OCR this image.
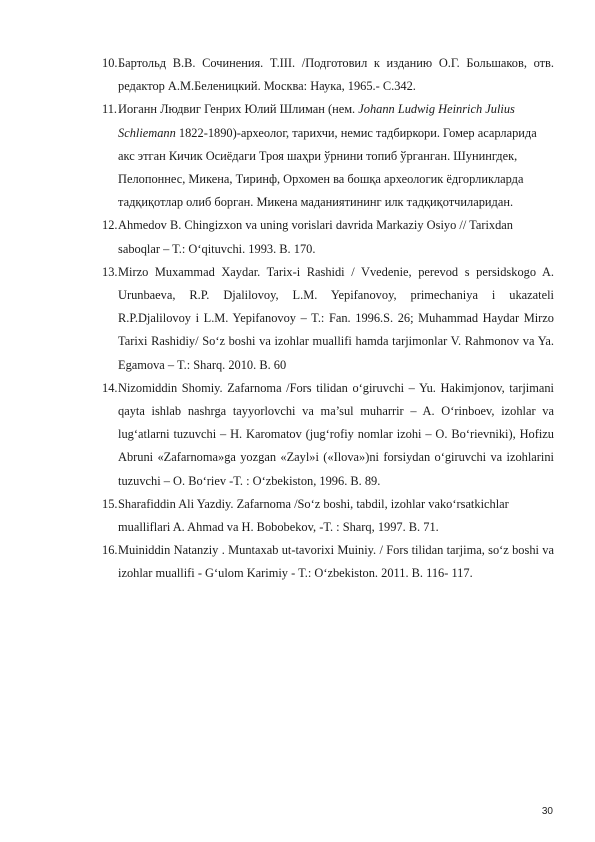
10. Бартольд В.В. Сочинения. T.III. /Подготовил к изданию О.Г. Большаков, отв. редактор А.М.Беленицкий. Москва: Наука, 1965.- С.342.
11. Иоганн Людвиг Генрих Юлий Шлиман (нем. Johann Ludwig Heinrich Julius Schliemann 1822-1890)-археолог, тарихчи, немис тадбиркори. Гомер асарларида акс этган Кичик Осиёдаги Троя шаҳри ўрнини топиб ўрганган. Шунингдек, Пелопоннес, Микена, Тиринф, Орхомен ва бошқа археологик ёдгорликларда тадқиқотлар олиб борган. Микена маданиятининг илк тадқиқотчиларидан.
12. Ahmedov B. Chingizxon va uning vorislari davrida Markaziy Osiyo // Tarixdan saboqlar – T.: O‘qituvchi. 1993. B. 170.
13. Mirzo Muxammad Xaydar. Tarix-i Rashidi / Vvedenie, perevod s persidskogo A. Urunbaeva, R.P. Djalilovoy, L.M. Yepifanovoy, primechaniya i ukazateli R.P.Djalilovoy i L.M. Yepifanovoy – T.: Fan. 1996.S. 26; Muhammad Haydar Mirzo Tarixi Rashidiy/ So‘z boshi va izohlar muallifi hamda tarjimonlar V. Rahmonov va Ya. Egamova – T.: Sharq. 2010. B. 60
14. Nizomiddin Shomiy. Zafarnoma /Fors tilidan o‘giruvchi – Yu. Hakimjonov, tarjimani qayta ishlab nashrga tayyorlovchi va ma’sul muharrir – A. O‘rinboev, izohlar va lug‘atlarni tuzuvchi – H. Karomatov (jug‘rofiy nomlar izohi – O. Bo‘rievniki), Hofizu Abruni «Zafarnoma»ga yozgan «Zayl»i («Ilova»)ni forsiydan o‘giruvchi va izohlarini tuzuvchi – O. Bo‘riev -T. : O‘zbekiston, 1996. B. 89.
15. Sharafiddin Ali Yazdiy. Zafarnoma /So‘z boshi, tabdil, izohlar vako‘rsatkichlar mualliflari A. Ahmad va H. Bobobekov, -T. : Sharq, 1997. B. 71.
16. Muiniddin Natanziy . Muntaxab ut-tavorixi Muiniy. / Fors tilidan tarjima, so‘z boshi va izohlar muallifi - G‘ulom Karimiy - T.: O‘zbekiston. 2011. B. 116- 117.
30
